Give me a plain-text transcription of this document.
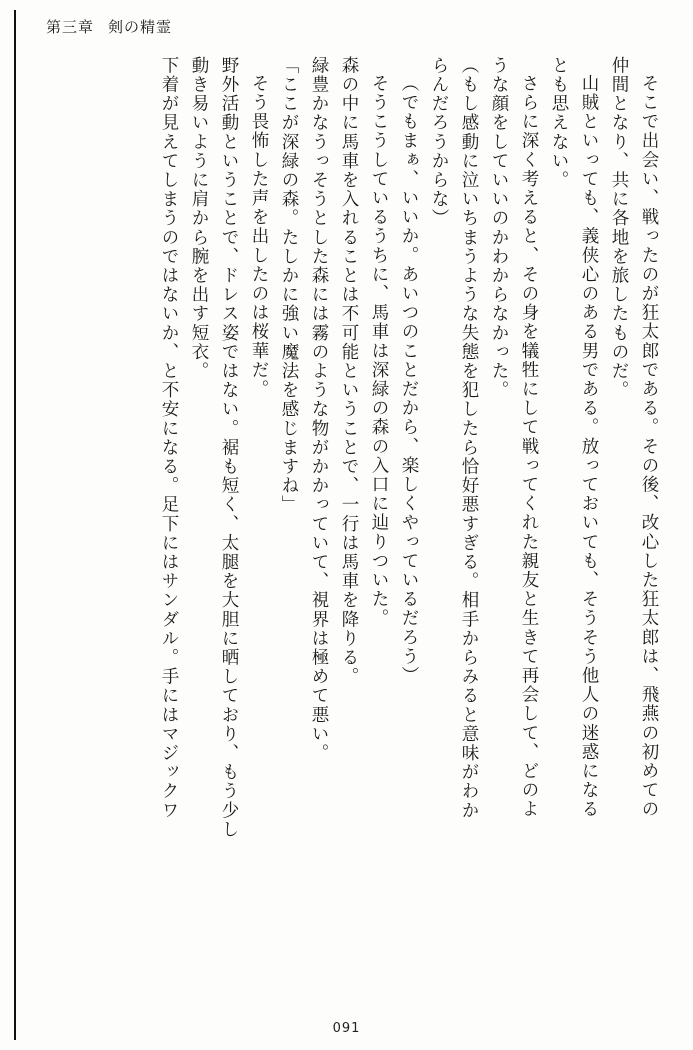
第三章 剣の精霊
そこで出会い、戦ったのが狂太郎である。その後、改心した狂太郎は、飛燕の初めての
仲間となり、共に各地を旅したものだ。
山賊といっても、義侠心のある男である。放っておいても、そうそう他人の迷惑になる
とも思えない。
さらに深く考えると、その身を犠牲にして戦ってくれた親友と生きて再会して、どのよ
うな顔をしていいのかわからなかった。
（もし感動に泣いちまうような失態を犯したら恰好悪すぎる。相手からみると意味がわか
らんだろうからな）
（でもまぁ、いいか。あいつのことだから、楽しくやっているだろう）
そうこうしているうちに、馬車は深緑の森の入口に辿りついた。
森の中に馬車を入れることは不可能ということで、一行は馬車を降りる。
緑豊かなうっそうとした森には霧のような物がかかっていて、視界は極めて悪い。
「ここが深緑の森。たしかに強い魔法を感じますね」
そう畏怖した声を出したのは桜華だ。
野外活動ということで、ドレス姿ではない。裾も短く、太腿を大胆に晒しており、もう少し
動き易いように肩から腕を出す短衣。
下着が見えてしまうのではないか、と不安になる。足下にはサンダル。手にはマジックワ
091
